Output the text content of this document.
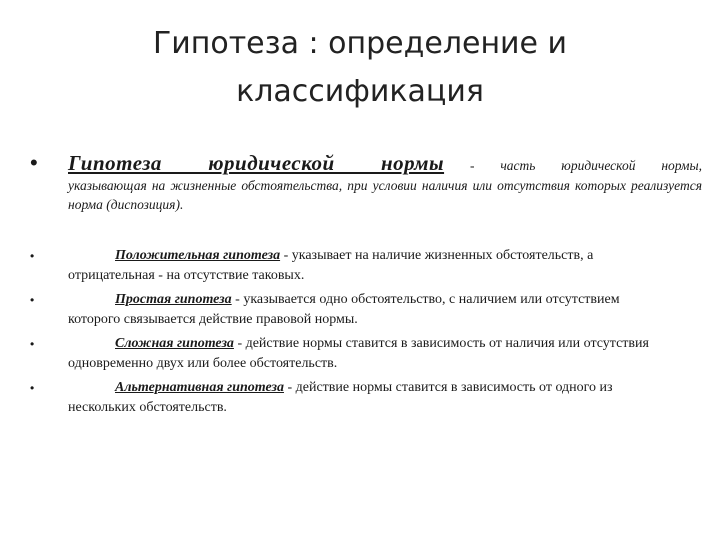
Гипотеза : определение и классификация
• Гипотеза юридической нормы - часть юридической нормы,
указывающая на жизненные обстоятельства, при условии наличия или отсутствия которых реализуется норма (диспозиция).
•	Положительная гипотеза - указывает на наличие жизненных обстоятельств, а отрицательная - на отсутствие таковых.
•	Простая гипотеза - указывается одно обстоятельство, с наличием или отсутствием которого связывается действие правовой нормы.
•	Сложная гипотеза - действие нормы ставится в зависимость от наличия или отсутствия одновременно двух или более обстоятельств.
•	Альтернативная гипотеза - действие нормы ставится в зависимость от одного из нескольких обстоятельств.
